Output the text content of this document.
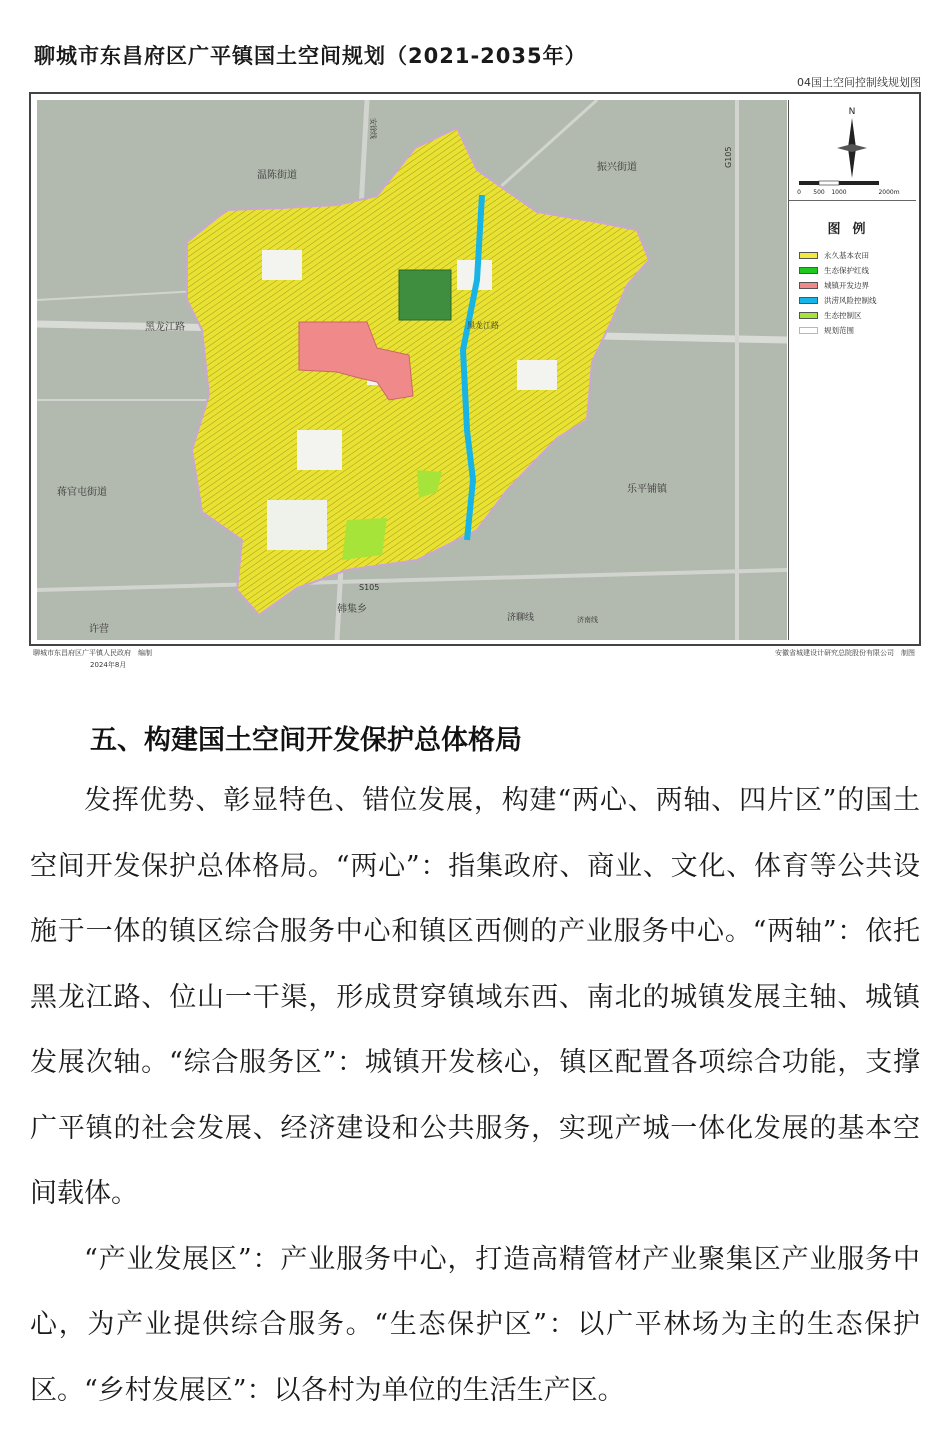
聊城市东昌府区广平镇国土空间规划（2021-2035年）
04国土空间控制线规划图
温陈街道
振兴街道
黑龙江路	黑龙江路
蒋官屯街道	乐平铺镇
韩集乡
许营
济聊线
G105
S105
安徐线
济南线
N
0 500 1000	2000m
图例
永久基本农田
生态保护红线
城镇开发边界
洪涝风险控制线
生态控制区
规划范围
聊城市东昌府区广平镇人民政府　编制
2024年8月
安徽省城建设计研究总院股份有限公司　制图
五、构建国土空间开发保护总体格局

发挥优势、彰显特色、错位发展，构建“两心、两轴、四片区”的国土空间开发保护总体格局。“两心”：指集政府、商业、文化、体育等公共设施于一体的镇区综合服务中心和镇区西侧的产业服务中心。“两轴”：依托黑龙江路、位山一干渠，形成贯穿镇域东西、南北的城镇发展主轴、城镇发展次轴。“综合服务区”：城镇开发核心，镇区配置各项综合功能，支撑广平镇的社会发展、经济建设和公共服务，实现产城一体化发展的基本空间载体。

“产业发展区”：产业服务中心，打造高精管材产业聚集区产业服务中心，为产业提供综合服务。“生态保护区”：以广平林场为主的生态保护区。“乡村发展区”：以各村为单位的生活生产区。
